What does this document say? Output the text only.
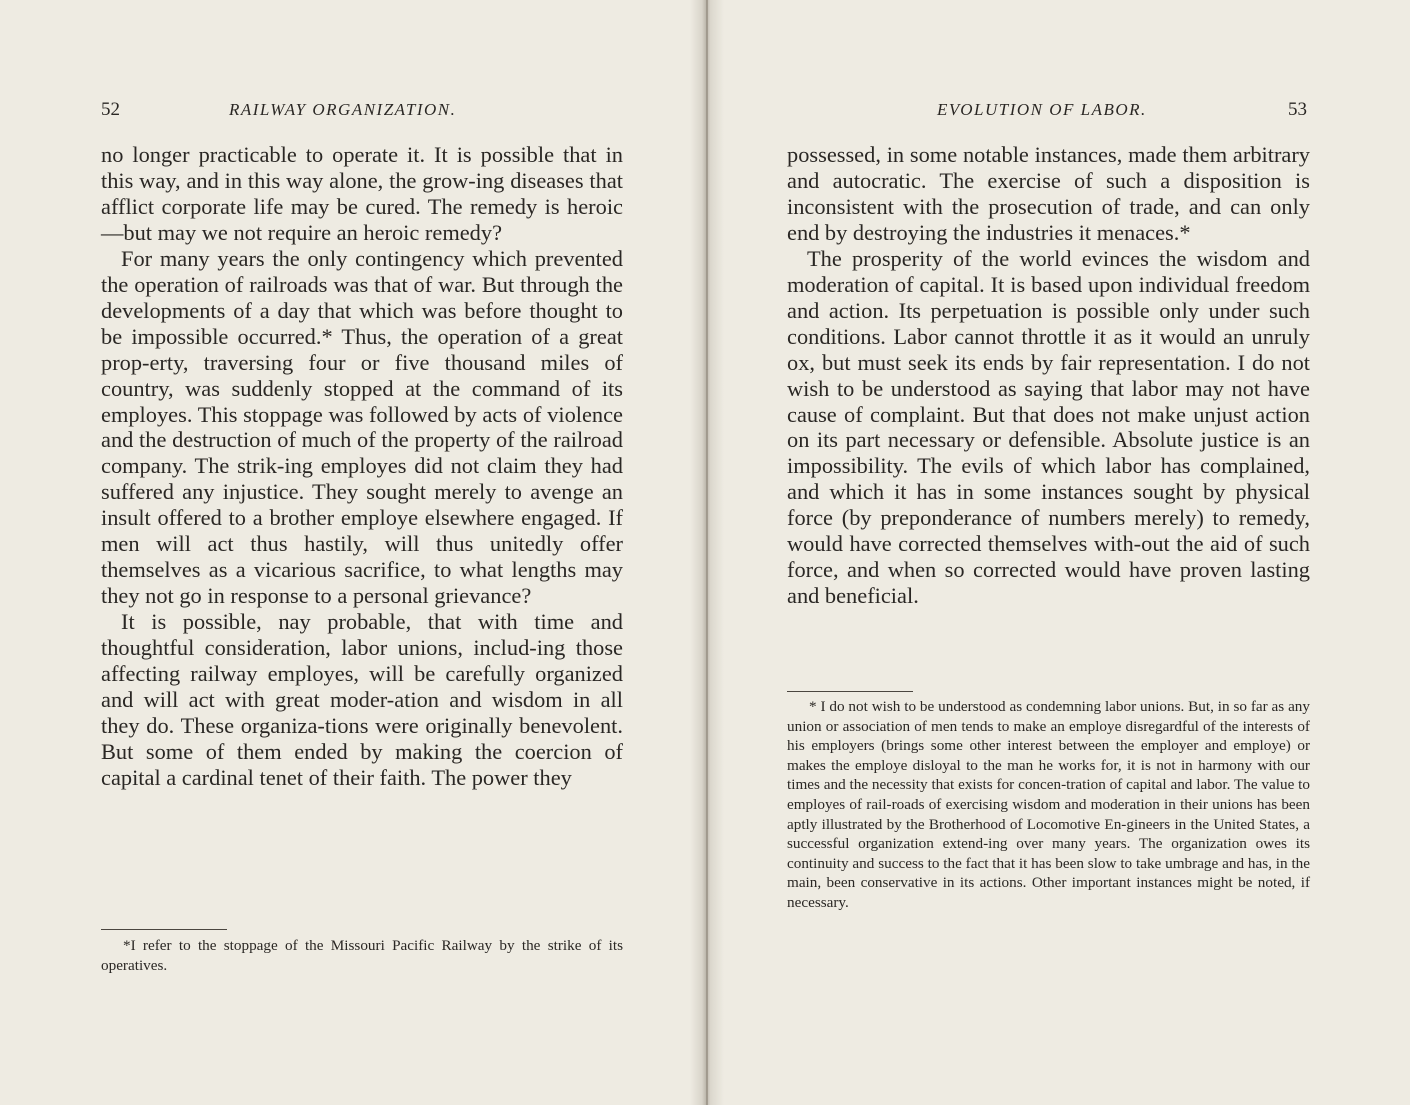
52	RAILWAY ORGANIZATION.

no longer practicable to operate it. It is possible that in this way, and in this way alone, the grow-ing diseases that afflict corporate life may be cured. The remedy is heroic—but may we not require an heroic remedy?

For many years the only contingency which prevented the operation of railroads was that of war. But through the developments of a day that which was before thought to be impossible occurred.* Thus, the operation of a great prop-erty, traversing four or five thousand miles of country, was suddenly stopped at the command of its employes. This stoppage was followed by acts of violence and the destruction of much of the property of the railroad company. The strik-ing employes did not claim they had suffered any injustice. They sought merely to avenge an insult offered to a brother employe elsewhere engaged. If men will act thus hastily, will thus unitedly offer themselves as a vicarious sacrifice, to what lengths may they not go in response to a personal grievance?

It is possible, nay probable, that with time and thoughtful consideration, labor unions, includ-ing those affecting railway employes, will be carefully organized and will act with great moder-ation and wisdom in all they do. These organiza-tions were originally benevolent. But some of them ended by making the coercion of capital a cardinal tenet of their faith. The power they

*I refer to the stoppage of the Missouri Pacific Railway by the strike of its operatives.

EVOLUTION OF LABOR.	53

possessed, in some notable instances, made them arbitrary and autocratic. The exercise of such a disposition is inconsistent with the prosecution of trade, and can only end by destroying the industries it menaces.*

The prosperity of the world evinces the wisdom and moderation of capital. It is based upon individual freedom and action. Its perpetuation is possible only under such conditions. Labor cannot throttle it as it would an unruly ox, but must seek its ends by fair representation. I do not wish to be understood as saying that labor may not have cause of complaint. But that does not make unjust action on its part necessary or defensible. Absolute justice is an impossibility. The evils of which labor has complained, and which it has in some instances sought by physical force (by preponderance of numbers merely) to remedy, would have corrected themselves with-out the aid of such force, and when so corrected would have proven lasting and beneficial.

* I do not wish to be understood as condemning labor unions. But, in so far as any union or association of men tends to make an employe disregardful of the interests of his employers (brings some other interest between the employer and employe) or makes the employe disloyal to the man he works for, it is not in harmony with our times and the necessity that exists for concen-tration of capital and labor. The value to employes of rail-roads of exercising wisdom and moderation in their unions has been aptly illustrated by the Brotherhood of Locomotive En-gineers in the United States, a successful organization extend-ing over many years. The organization owes its continuity and success to the fact that it has been slow to take umbrage and has, in the main, been conservative in its actions. Other important instances might be noted, if necessary.
